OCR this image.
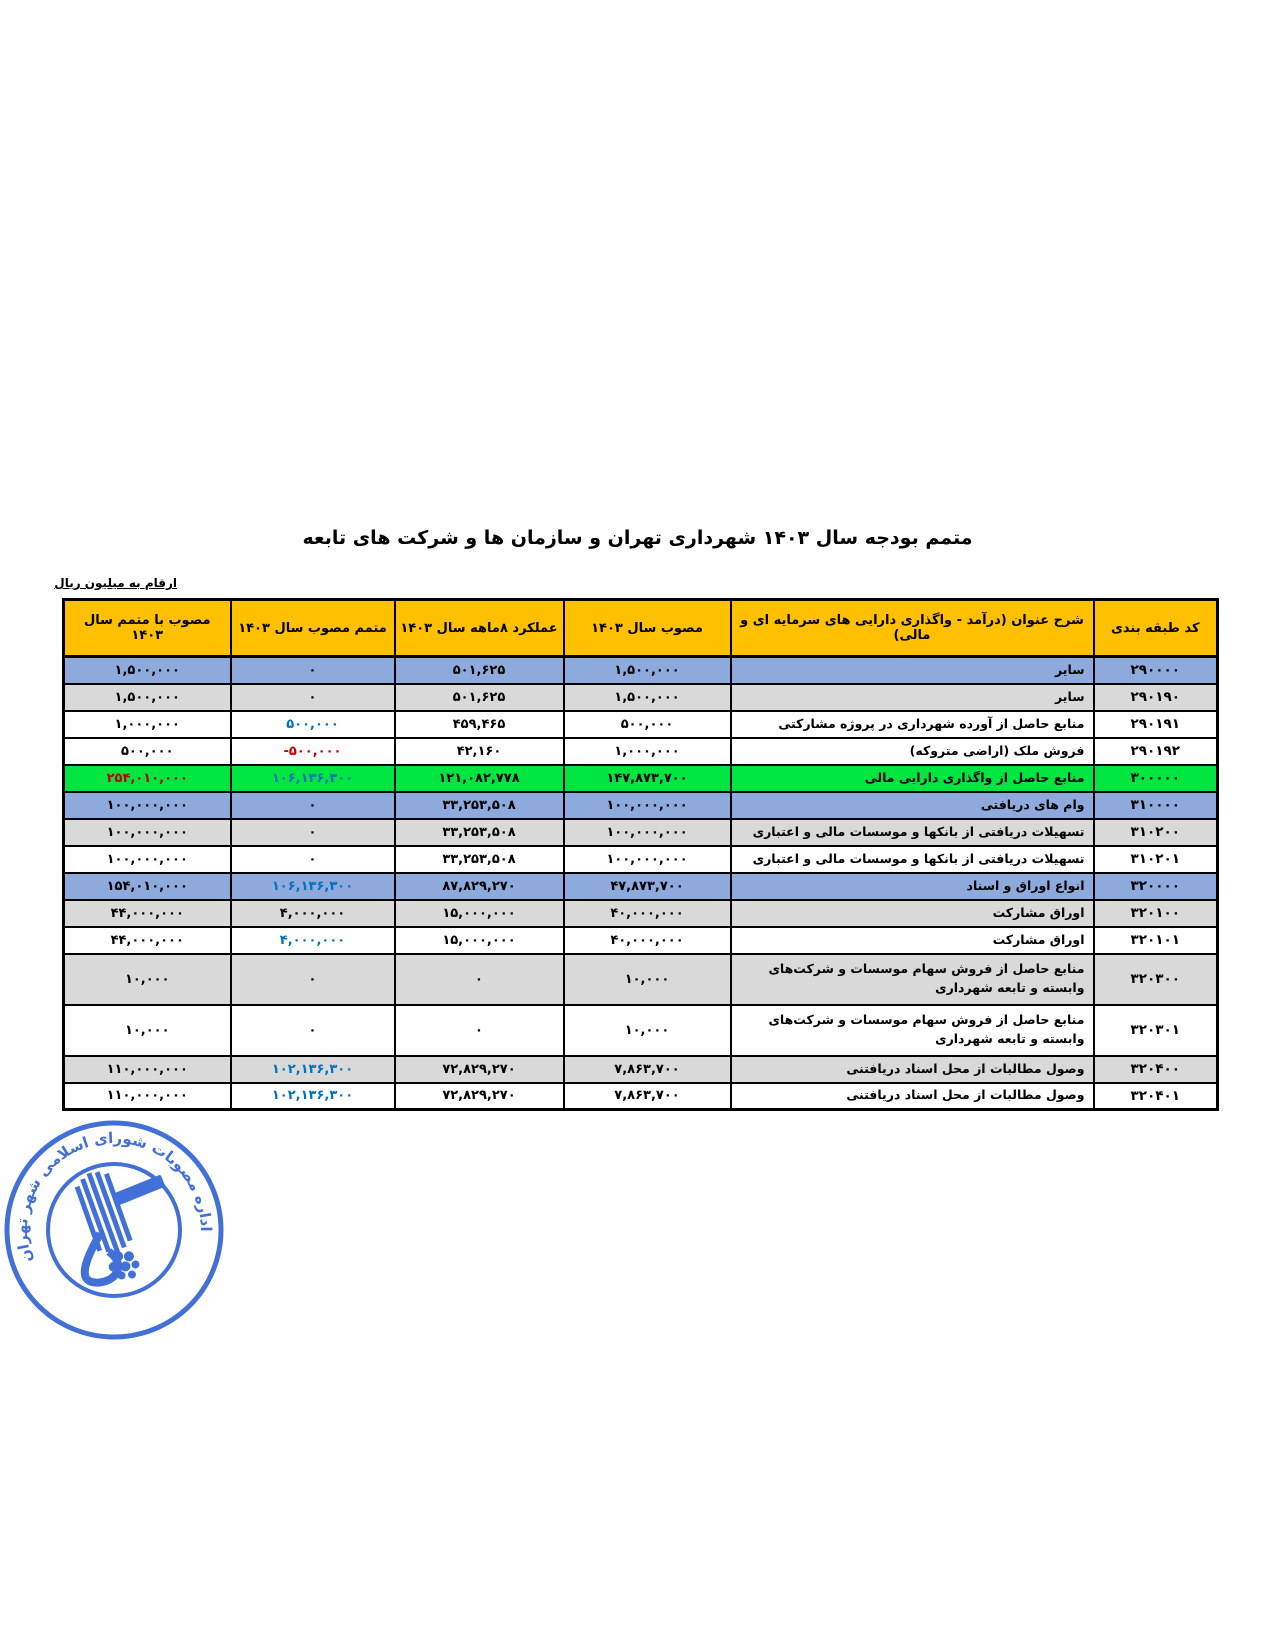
متمم بودجه سال ۱۴۰۳ شهرداری تهران و سازمان ها و شرکت های تابعه
ارقام به میلیون ریال
کد طبقه بندی	شرح عنوان (درآمد - واگذاری دارایی های سرمایه ای و مالی)	مصوب سال ۱۴۰۳	عملکرد ۸ماهه سال ۱۴۰۳	متمم مصوب سال ۱۴۰۳	مصوب با متمم سال ۱۴۰۳
۲۹۰۰۰۰	سایر	۱,۵۰۰,۰۰۰	۵۰۱,۶۲۵	۰	۱,۵۰۰,۰۰۰
۲۹۰۱۹۰	سایر	۱,۵۰۰,۰۰۰	۵۰۱,۶۲۵	۰	۱,۵۰۰,۰۰۰
۲۹۰۱۹۱	منابع حاصل از آورده شهرداری در پروژه مشارکتی	۵۰۰,۰۰۰	۴۵۹,۴۶۵	۵۰۰,۰۰۰	۱,۰۰۰,۰۰۰
۲۹۰۱۹۲	فروش ملک (اراضی متروکه)	۱,۰۰۰,۰۰۰	۴۲,۱۶۰	-۵۰۰,۰۰۰	۵۰۰,۰۰۰
۳۰۰۰۰۰	منابع حاصل از واگذاری دارایی مالی	۱۴۷,۸۷۳,۷۰۰	۱۲۱,۰۸۲,۷۷۸	۱۰۶,۱۳۶,۳۰۰	۲۵۴,۰۱۰,۰۰۰
۳۱۰۰۰۰	وام های دریافتی	۱۰۰,۰۰۰,۰۰۰	۳۳,۲۵۳,۵۰۸	۰	۱۰۰,۰۰۰,۰۰۰
۳۱۰۲۰۰	تسهیلات دریافتی از بانکها و موسسات مالی و اعتباری	۱۰۰,۰۰۰,۰۰۰	۳۳,۲۵۳,۵۰۸	۰	۱۰۰,۰۰۰,۰۰۰
۳۱۰۲۰۱	تسهیلات دریافتی از بانکها و موسسات مالی و اعتباری	۱۰۰,۰۰۰,۰۰۰	۳۳,۲۵۳,۵۰۸	۰	۱۰۰,۰۰۰,۰۰۰
۳۲۰۰۰۰	انواع اوراق و اسناد	۴۷,۸۷۳,۷۰۰	۸۷,۸۲۹,۲۷۰	۱۰۶,۱۳۶,۳۰۰	۱۵۴,۰۱۰,۰۰۰
۳۲۰۱۰۰	اوراق مشارکت	۴۰,۰۰۰,۰۰۰	۱۵,۰۰۰,۰۰۰	۴,۰۰۰,۰۰۰	۴۴,۰۰۰,۰۰۰
۳۲۰۱۰۱	اوراق مشارکت	۴۰,۰۰۰,۰۰۰	۱۵,۰۰۰,۰۰۰	۴,۰۰۰,۰۰۰	۴۴,۰۰۰,۰۰۰
۳۲۰۳۰۰	منابع حاصل از فروش سهام موسسات و شرکت‌های وابسته و تابعه شهرداری	۱۰,۰۰۰	۰	۰	۱۰,۰۰۰
۳۲۰۳۰۱	منابع حاصل از فروش سهام موسسات و شرکت‌های وابسته و تابعه شهرداری	۱۰,۰۰۰	۰	۰	۱۰,۰۰۰
۳۲۰۴۰۰	وصول مطالبات از محل اسناد دریافتنی	۷,۸۶۳,۷۰۰	۷۲,۸۲۹,۲۷۰	۱۰۲,۱۳۶,۳۰۰	۱۱۰,۰۰۰,۰۰۰
۳۲۰۴۰۱	وصول مطالبات از محل اسناد دریافتنی	۷,۸۶۳,۷۰۰	۷۲,۸۲۹,۲۷۰	۱۰۲,۱۳۶,۳۰۰	۱۱۰,۰۰۰,۰۰۰
اداره مصوبات شورای اسلامی شهر تهران
